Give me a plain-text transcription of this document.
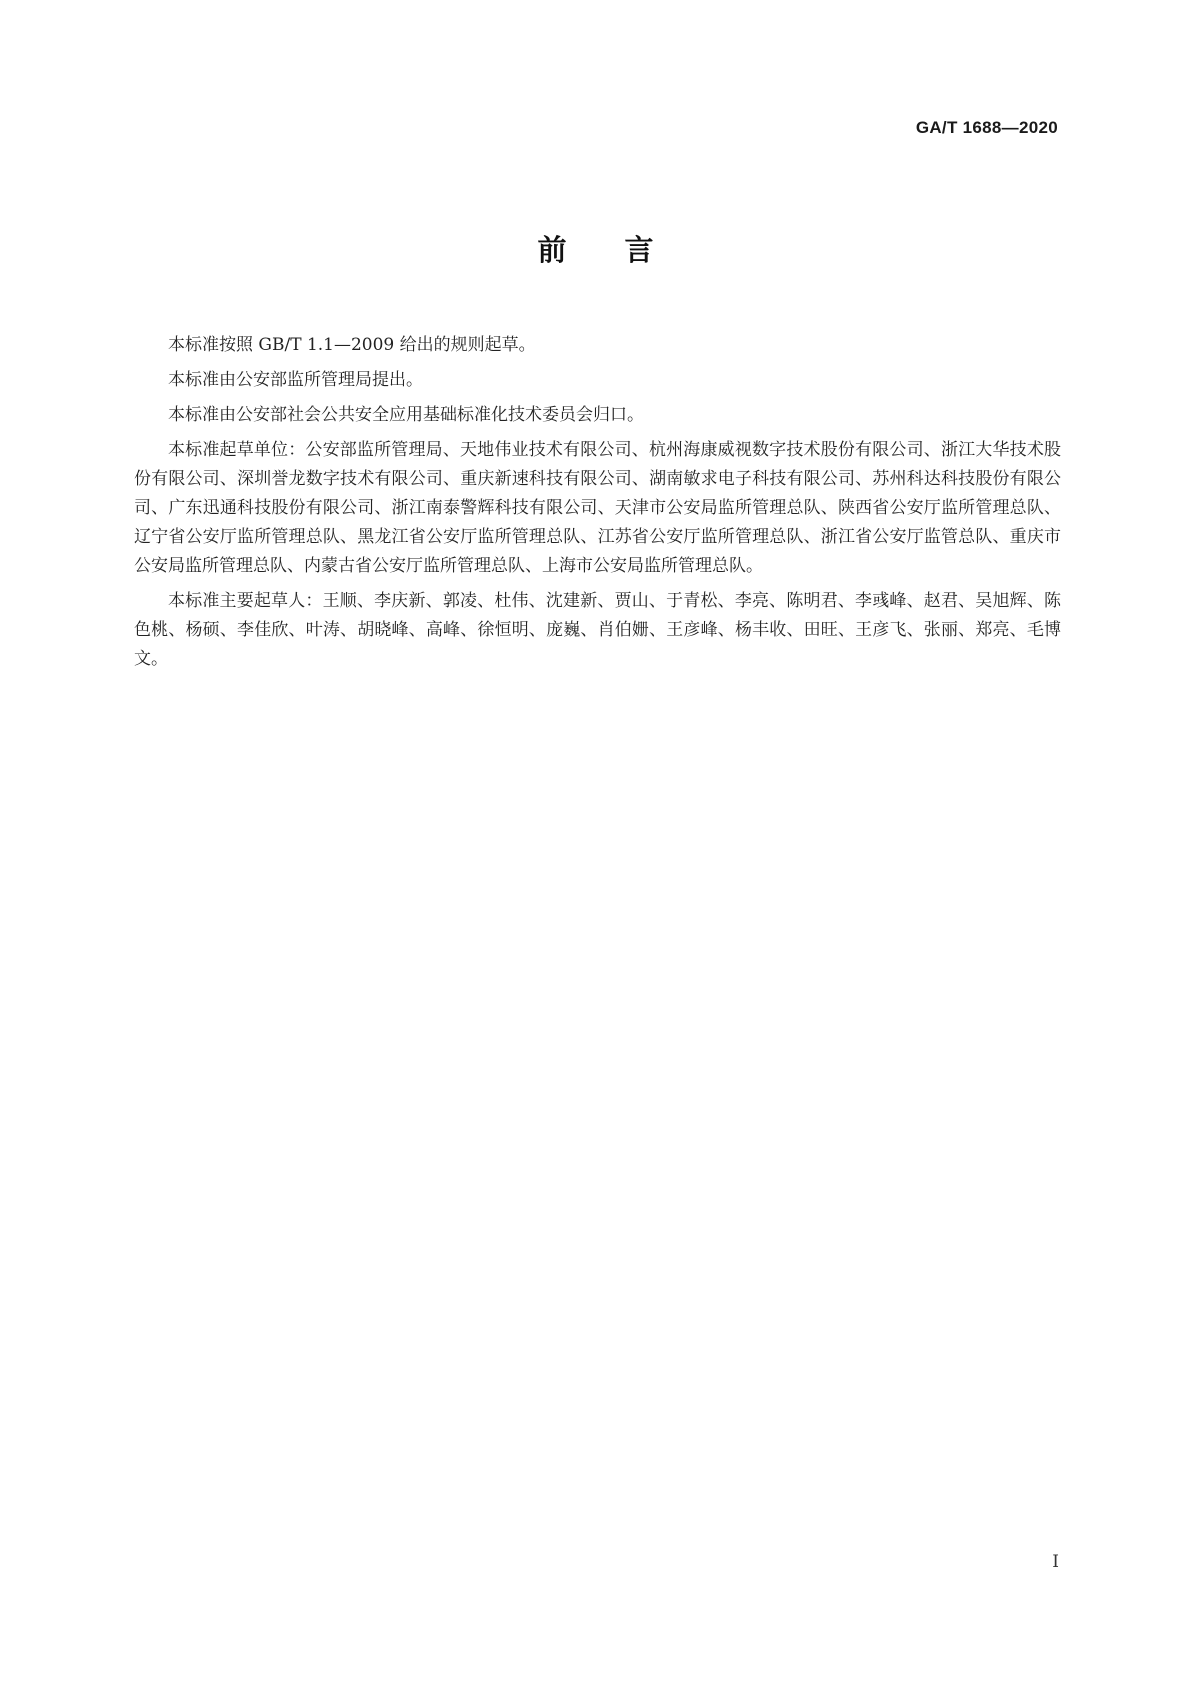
GA/T 1688—2020
前言

本标准按照 GB/T 1.1—2009 给出的规则起草。

本标准由公安部监所管理局提出。

本标准由公安部社会公共安全应用基础标准化技术委员会归口。

本标准起草单位：公安部监所管理局、天地伟业技术有限公司、杭州海康威视数字技术股份有限公司、浙江大华技术股份有限公司、深圳誉龙数字技术有限公司、重庆新速科技有限公司、湖南敏求电子科技有限公司、苏州科达科技股份有限公司、广东迅通科技股份有限公司、浙江南泰警辉科技有限公司、天津市公安局监所管理总队、陕西省公安厅监所管理总队、辽宁省公安厅监所管理总队、黑龙江省公安厅监所管理总队、江苏省公安厅监所管理总队、浙江省公安厅监管总队、重庆市公安局监所管理总队、内蒙古省公安厅监所管理总队、上海市公安局监所管理总队。

本标准主要起草人：王顺、李庆新、郭凌、杜伟、沈建新、贾山、于青松、李亮、陈明君、李彧峰、赵君、吴旭辉、陈色桃、杨硕、李佳欣、叶涛、胡晓峰、高峰、徐恒明、庞巍、肖伯姗、王彦峰、杨丰收、田旺、王彦飞、张丽、郑亮、毛博文。

I
